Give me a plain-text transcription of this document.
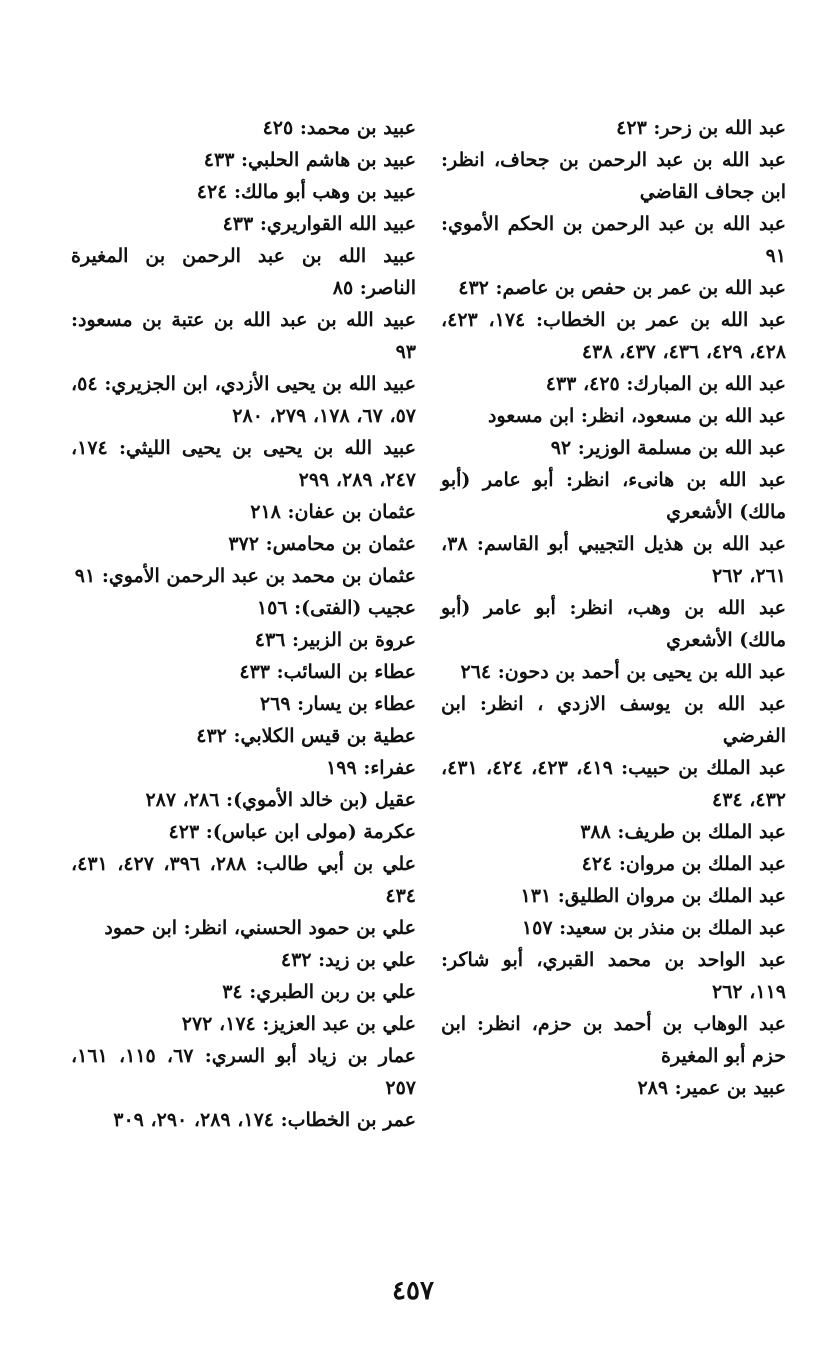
عبد الله بن زحر: ٤٢٣
عبد الله بن عبد الرحمن بن جحاف، انظر: ابن جحاف القاضي
عبد الله بن عبد الرحمن بن الحكم الأموي: ٩١
عبد الله بن عمر بن حفص بن عاصم: ٤٣٢
عبد الله بن عمر بن الخطاب: ١٧٤، ٤٢٣، ٤٢٨، ٤٢٩، ٤٣٦، ٤٣٧، ٤٣٨
عبد الله بن المبارك: ٤٢٥، ٤٣٣
عبد الله بن مسعود، انظر: ابن مسعود
عبد الله بن مسلمة الوزير: ٩٢
عبد الله بن هانىء، انظر: أبو عامر (أبو مالك) الأشعري
عبد الله بن هذيل التجيبي أبو القاسم: ٣٨، ٢٦١، ٢٦٢
عبد الله بن وهب، انظر: أبو عامر (أبو مالك) الأشعري
عبد الله بن يحيى بن أحمد بن دحون: ٢٦٤
عبد الله بن يوسف الازدي ، انظر: ابن الفرضي
عبد الملك بن حبيب: ٤١٩، ٤٢٣، ٤٢٤، ٤٣١، ٤٣٢، ٤٣٤
عبد الملك بن طريف: ٣٨٨
عبد الملك بن مروان: ٤٢٤
عبد الملك بن مروان الطليق: ١٣١
عبد الملك بن منذر بن سعيد: ١٥٧
عبد الواحد بن محمد القبري، أبو شاكر: ١١٩، ٢٦٢
عبد الوهاب بن أحمد بن حزم، انظر: ابن حزم أبو المغيرة
عبيد بن عمير: ٢٨٩
عبيد بن محمد: ٤٢٥
عبيد بن هاشم الحلبي: ٤٣٣
عبيد بن وهب أبو مالك: ٤٢٤
عبيد الله القواريري: ٤٣٣
عبيد الله بن عبد الرحمن بن المغيرة الناصر: ٨٥
عبيد الله بن عبد الله بن عتبة بن مسعود: ٩٣
عبيد الله بن يحيى الأزدي، ابن الجزيري: ٥٤، ٥٧، ٦٧، ١٧٨، ٢٧٩، ٢٨٠
عبيد الله بن يحيى بن يحيى الليثي: ١٧٤، ٢٤٧، ٢٨٩، ٢٩٩
عثمان بن عفان: ٢١٨
عثمان بن محامس: ٣٧٢
عثمان بن محمد بن عبد الرحمن الأموي: ٩١
عجيب (الفتى): ١٥٦
عروة بن الزبير: ٤٣٦
عطاء بن السائب: ٤٣٣
عطاء بن يسار: ٢٦٩
عطية بن قيس الكلابي: ٤٣٢
عفراء: ١٩٩
عقيل (بن خالد الأموي): ٢٨٦، ٢٨٧
عكرمة (مولى ابن عباس): ٤٢٣
علي بن أبي طالب: ٢٨٨، ٣٩٦، ٤٢٧، ٤٣١، ٤٣٤
علي بن حمود الحسني، انظر: ابن حمود
علي بن زيد: ٤٣٢
علي بن ربن الطبري: ٣٤
علي بن عبد العزيز: ١٧٤، ٢٧٢
عمار بن زياد أبو السري: ٦٧، ١١٥، ١٦١، ٢٥٧
عمر بن الخطاب: ١٧٤، ٢٨٩، ٢٩٠، ٣٠٩
٤٥٧
